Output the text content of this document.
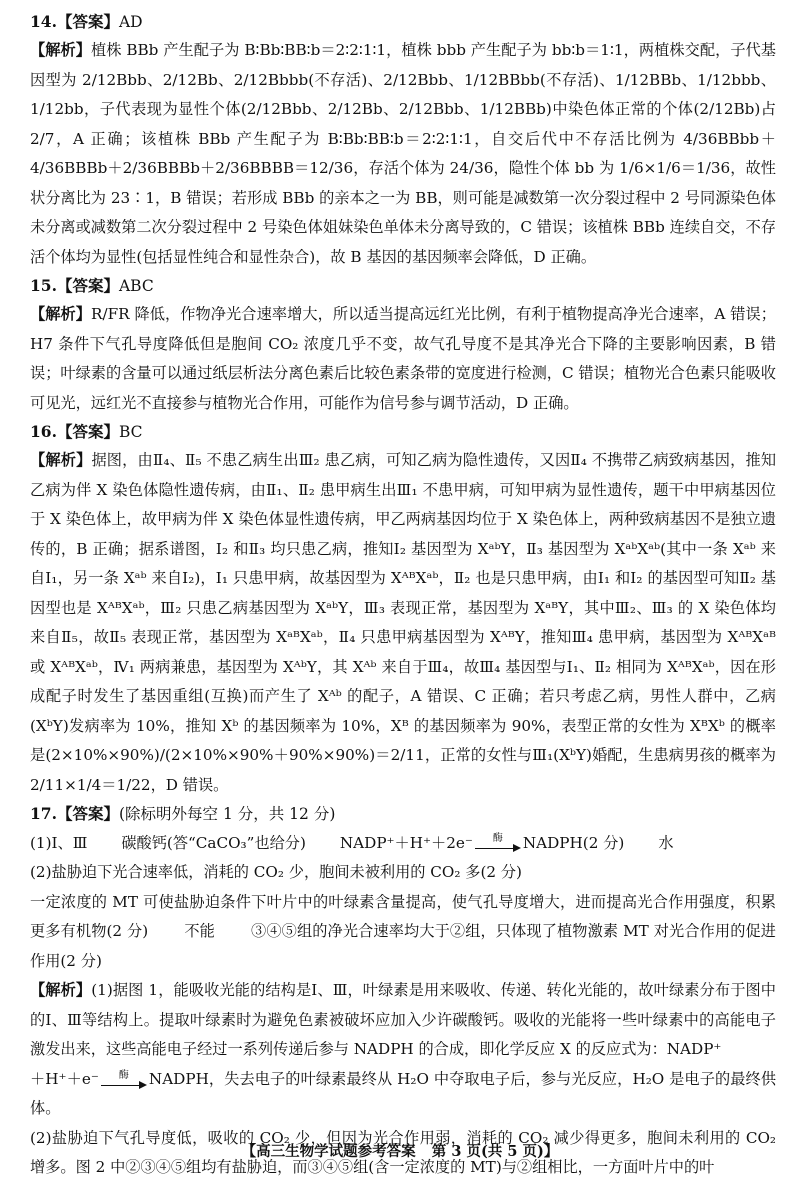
14.【答案】AD

【解析】植株 BBb 产生配子为 B∶Bb∶BB∶b＝2∶2∶1∶1，植株 bbb 产生配子为 bb∶b＝1∶1，两植株交配，子代基因型为 2/12Bbb、2/12Bb、2/12Bbbb(不存活)、2/12Bbb、1/12BBbb(不存活)、1/12BBb、1/12bbb、1/12bb，子代表现为显性个体(2/12Bbb、2/12Bb、2/12Bbb、1/12BBb)中染色体正常的个体(2/12Bb)占 2/7，A 正确；该植株 BBb 产生配子为 B∶Bb∶BB∶b＝2∶2∶1∶1，自交后代中不存活比例为 4/36BBbb＋4/36BBBb＋2/36BBBb＋2/36BBBB＝12/36，存活个体为 24/36，隐性个体 bb 为 1/6×1/6＝1/36，故性状分离比为 23∶1，B 错误；若形成 BBb 的亲本之一为 BB，则可能是减数第一次分裂过程中 2 号同源染色体未分离或减数第二次分裂过程中 2 号染色体姐妹染色单体未分离导致的，C 错误；该植株 BBb 连续自交，不存活个体均为显性(包括显性纯合和显性杂合)，故 B 基因的基因频率会降低，D 正确。

15.【答案】ABC

【解析】R/FR 降低，作物净光合速率增大，所以适当提高远红光比例，有利于植物提高净光合速率，A 错误；H7 条件下气孔导度降低但是胞间 CO₂ 浓度几乎不变，故气孔导度不是其净光合下降的主要影响因素，B 错误；叶绿素的含量可以通过纸层析法分离色素后比较色素条带的宽度进行检测，C 错误；植物光合色素只能吸收可见光，远红光不直接参与植物光合作用，可能作为信号参与调节活动，D 正确。

16.【答案】BC

【解析】据图，由Ⅱ₄、Ⅱ₅ 不患乙病生出Ⅲ₂ 患乙病，可知乙病为隐性遗传，又因Ⅱ₄ 不携带乙病致病基因，推知乙病为伴 X 染色体隐性遗传病，由Ⅱ₁、Ⅱ₂ 患甲病生出Ⅲ₁ 不患甲病，可知甲病为显性遗传，题干中甲病基因位于 X 染色体上，故甲病为伴 X 染色体显性遗传病，甲乙两病基因均位于 X 染色体上，两种致病基因不是独立遗传的，B 正确；据系谱图，Ⅰ₂ 和Ⅱ₃ 均只患乙病，推知Ⅰ₂ 基因型为 XᵃᵇY，Ⅱ₃ 基因型为 XᵃᵇXᵃᵇ(其中一条 Xᵃᵇ 来自Ⅰ₁，另一条 Xᵃᵇ 来自Ⅰ₂)，Ⅰ₁ 只患甲病，故基因型为 XᴬᴮXᵃᵇ，Ⅱ₂ 也是只患甲病，由Ⅰ₁ 和Ⅰ₂ 的基因型可知Ⅱ₂ 基因型也是 XᴬᴮXᵃᵇ，Ⅲ₂ 只患乙病基因型为 XᵃᵇY，Ⅲ₃ 表现正常，基因型为 XᵃᴮY，其中Ⅲ₂、Ⅲ₃ 的 X 染色体均来自Ⅱ₅，故Ⅱ₅ 表现正常，基因型为 XᵃᴮXᵃᵇ，Ⅱ₄ 只患甲病基因型为 XᴬᴮY，推知Ⅲ₄ 患甲病，基因型为 XᴬᴮXᵃᴮ 或 XᴬᴮXᵃᵇ，Ⅳ₁ 两病兼患，基因型为 XᴬᵇY，其 Xᴬᵇ 来自于Ⅲ₄，故Ⅲ₄ 基因型与Ⅰ₁、Ⅱ₂ 相同为 XᴬᴮXᵃᵇ，因在形成配子时发生了基因重组(互换)而产生了 Xᴬᵇ 的配子，A 错误、C 正确；若只考虑乙病，男性人群中，乙病(XᵇY)发病率为 10%，推知 Xᵇ 的基因频率为 10%，Xᴮ 的基因频率为 90%，表型正常的女性为 XᴮXᵇ 的概率是(2×10%×90%)/(2×10%×90%＋90%×90%)＝2/11，正常的女性与Ⅲ₁(XᵇY)婚配，生患病男孩的概率为 2/11×1/4＝1/22，D 错误。

17.【答案】(除标明外每空 1 分，共 12 分)
(1)Ⅰ、Ⅲ 碳酸钙(答“CaCO₃”也给分) NADP⁺＋H⁺＋2e⁻ 酶 NADPH(2 分) 水

(2)盐胁迫下光合速率低，消耗的 CO₂ 少，胞间未被利用的 CO₂ 多(2 分)

一定浓度的 MT 可使盐胁迫条件下叶片中的叶绿素含量提高，使气孔导度增大，进而提高光合作用强度，积累更多有机物(2 分) 不能 ③④⑤组的净光合速率均大于②组，只体现了植物激素 MT 对光合作用的促进作用(2 分)

【解析】(1)据图 1，能吸收光能的结构是Ⅰ、Ⅲ，叶绿素是用来吸收、传递、转化光能的，故叶绿素分布于图中的Ⅰ、Ⅲ等结构上。提取叶绿素时为避免色素被破坏应加入少许碳酸钙。吸收的光能将一些叶绿素中的高能电子激发出来，这些高能电子经过一系列传递后参与 NADPH 的合成，即化学反应 X 的反应式为：NADP⁺

＋H⁺＋e⁻ 酶 NADPH，失去电子的叶绿素最终从 H₂O 中夺取电子后，参与光反应，H₂O 是电子的最终供体。

(2)盐胁迫下气孔导度低，吸收的 CO₂ 少，但因为光合作用弱，消耗的 CO₂ 减少得更多，胞间未利用的 CO₂ 增多。图 2 中②③④⑤组均有盐胁迫，而③④⑤组(含一定浓度的 MT)与②组相比，一方面叶片中的叶

【高三生物学试题参考答案 第 3 页(共 5 页)】
